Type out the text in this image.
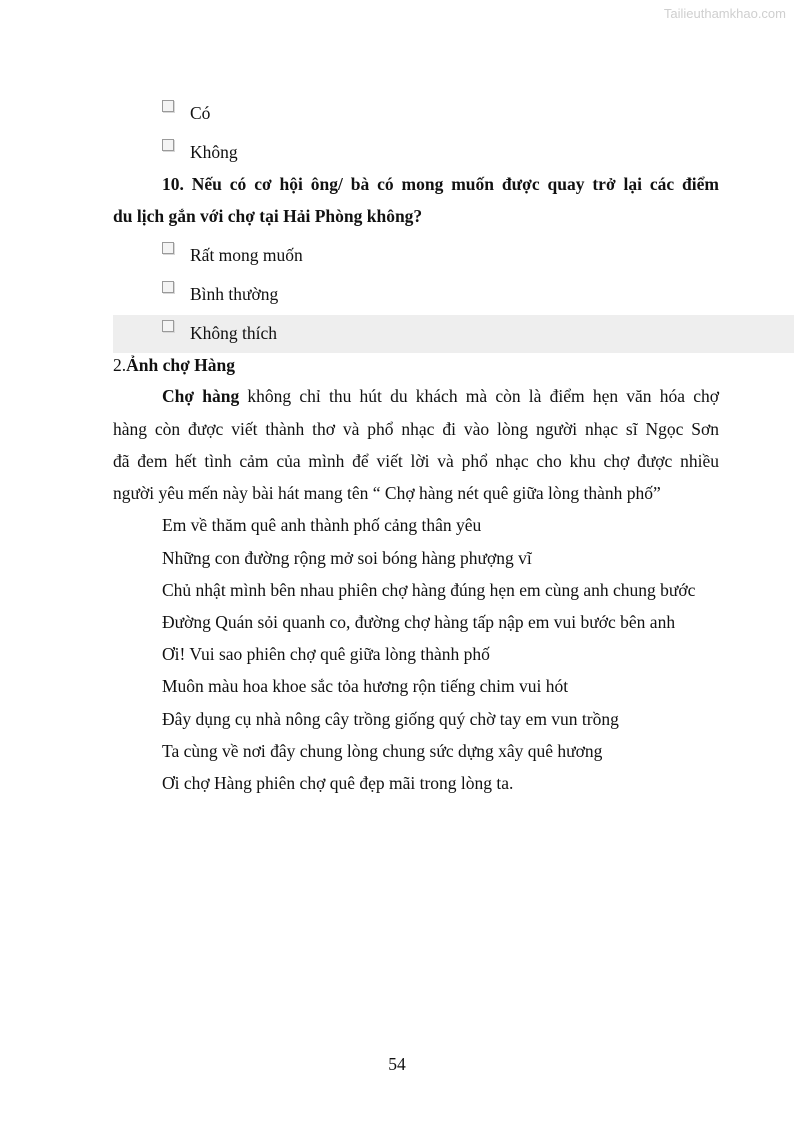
Tailieuthamkhao.com
Có
Không
10. Nếu có cơ hội ông/ bà có mong muốn được quay trở lại các điểm
du lịch gắn với chợ tại Hải Phòng không?
Rất mong muốn
Bình thường
Không thích
2.Ảnh chợ Hàng
Chợ hàng không chỉ thu hút du khách mà còn là điểm hẹn văn hóa chợ
hàng còn được viết thành thơ và phổ nhạc đi vào lòng người nhạc sĩ Ngọc Sơn
đã đem hết tình cảm của mình để viết lời và phổ nhạc cho khu chợ được nhiều
người yêu mến này bài hát mang tên “ Chợ hàng nét quê giữa lòng thành phố”
Em về thăm quê anh thành phố cảng thân yêu
Những con đường rộng mở soi bóng hàng phượng vĩ
Chủ nhật mình bên nhau phiên chợ hàng đúng hẹn em cùng anh chung bước
Đường Quán sỏi quanh co, đường chợ hàng tấp nập em vui bước bên anh
Ơi! Vui sao phiên chợ quê giữa lòng thành phố
Muôn màu hoa khoe sắc tỏa hương rộn tiếng chim vui hót
Đây dụng cụ nhà nông cây trồng giống quý chờ tay em vun trồng
Ta cùng về nơi đây chung lòng chung sức dựng xây quê hương
Ơi chợ Hàng phiên chợ quê đẹp mãi trong lòng ta.
54
